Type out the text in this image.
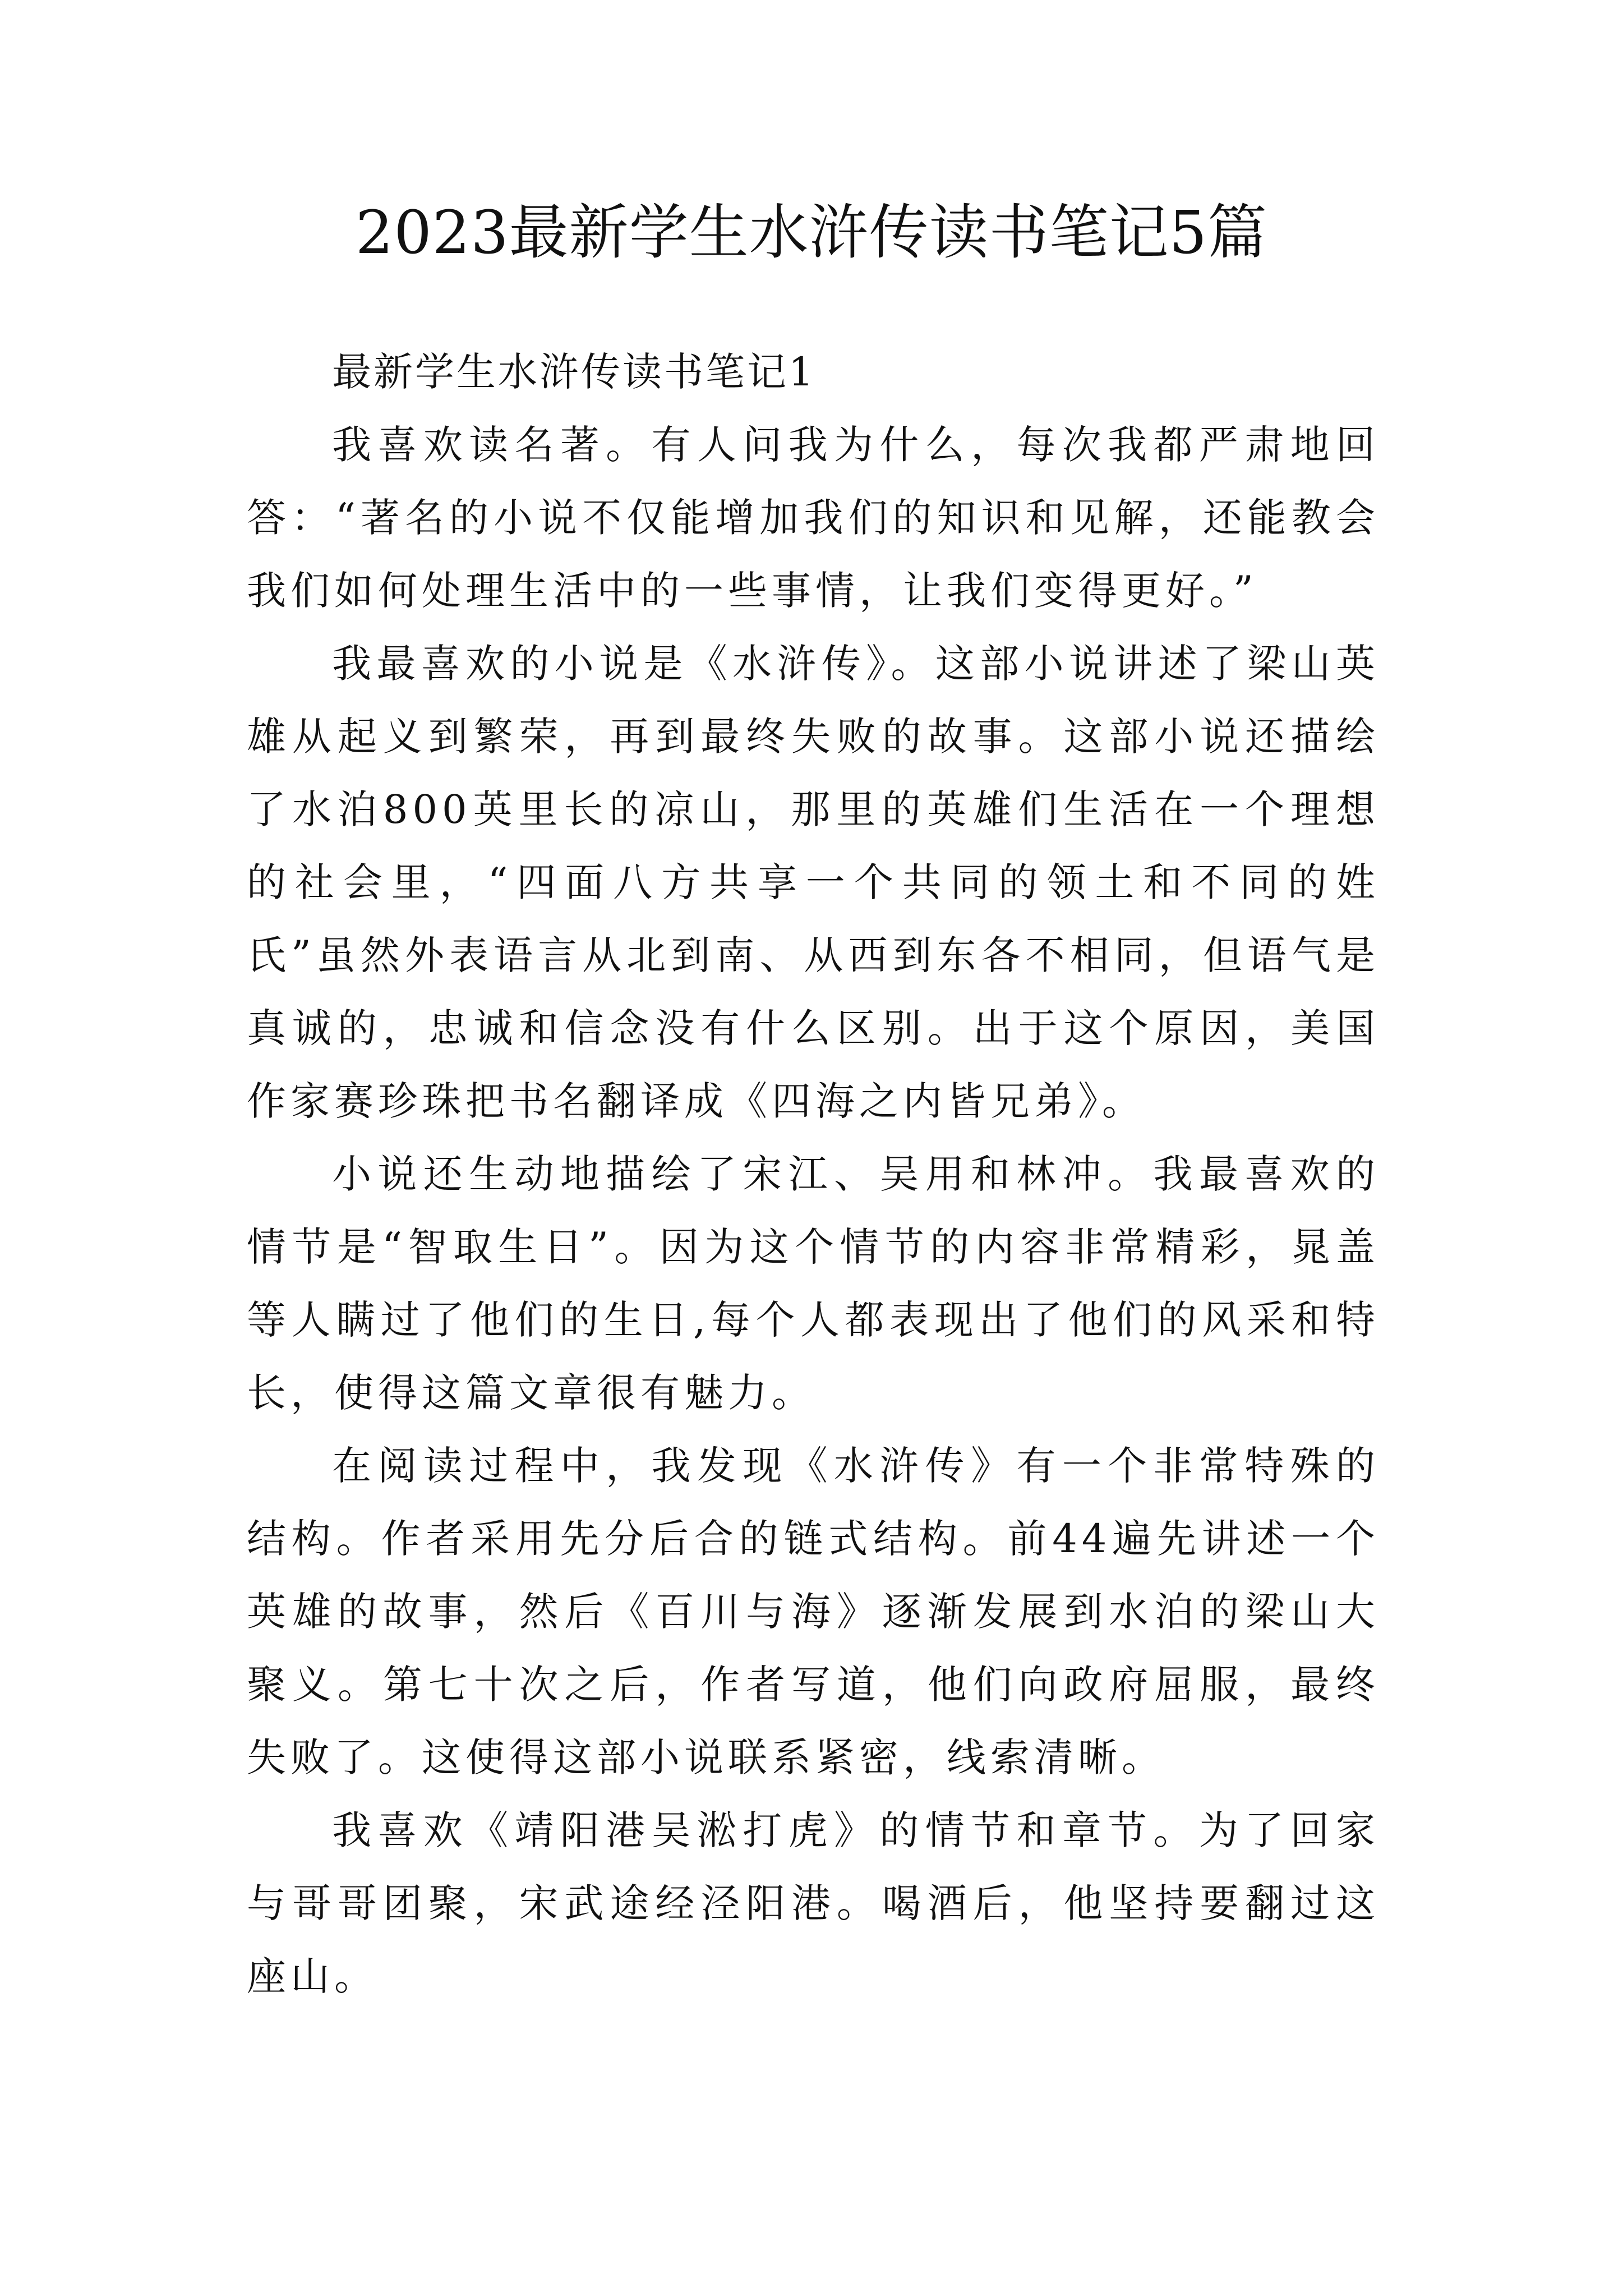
2023最新学生水浒传读书笔记5篇

最新学生水浒传读书笔记1

我喜欢读名著。有人问我为什么，每次我都严肃地回答：“著名的小说不仅能增加我们的知识和见解，还能教会我们如何处理生活中的一些事情，让我们变得更好。”

我最喜欢的小说是《水浒传》。这部小说讲述了梁山英雄从起义到繁荣，再到最终失败的故事。这部小说还描绘了水泊800英里长的凉山，那里的英雄们生活在一个理想的社会里，“四面八方共享一个共同的领土和不同的姓氏”虽然外表语言从北到南、从西到东各不相同，但语气是真诚的，忠诚和信念没有什么区别。出于这个原因，美国作家赛珍珠把书名翻译成《四海之内皆兄弟》。

小说还生动地描绘了宋江、吴用和林冲。我最喜欢的情节是“智取生日”。因为这个情节的内容非常精彩，晁盖等人瞒过了他们的生日,每个人都表现出了他们的风采和特长，使得这篇文章很有魅力。

在阅读过程中，我发现《水浒传》有一个非常特殊的结构。作者采用先分后合的链式结构。前44遍先讲述一个英雄的故事，然后《百川与海》逐渐发展到水泊的梁山大聚义。第七十次之后，作者写道，他们向政府屈服，最终失败了。这使得这部小说联系紧密，线索清晰。

我喜欢《靖阳港吴淞打虎》的情节和章节。为了回家与哥哥团聚，宋武途经泾阳港。喝酒后，他坚持要翻过这座山。
